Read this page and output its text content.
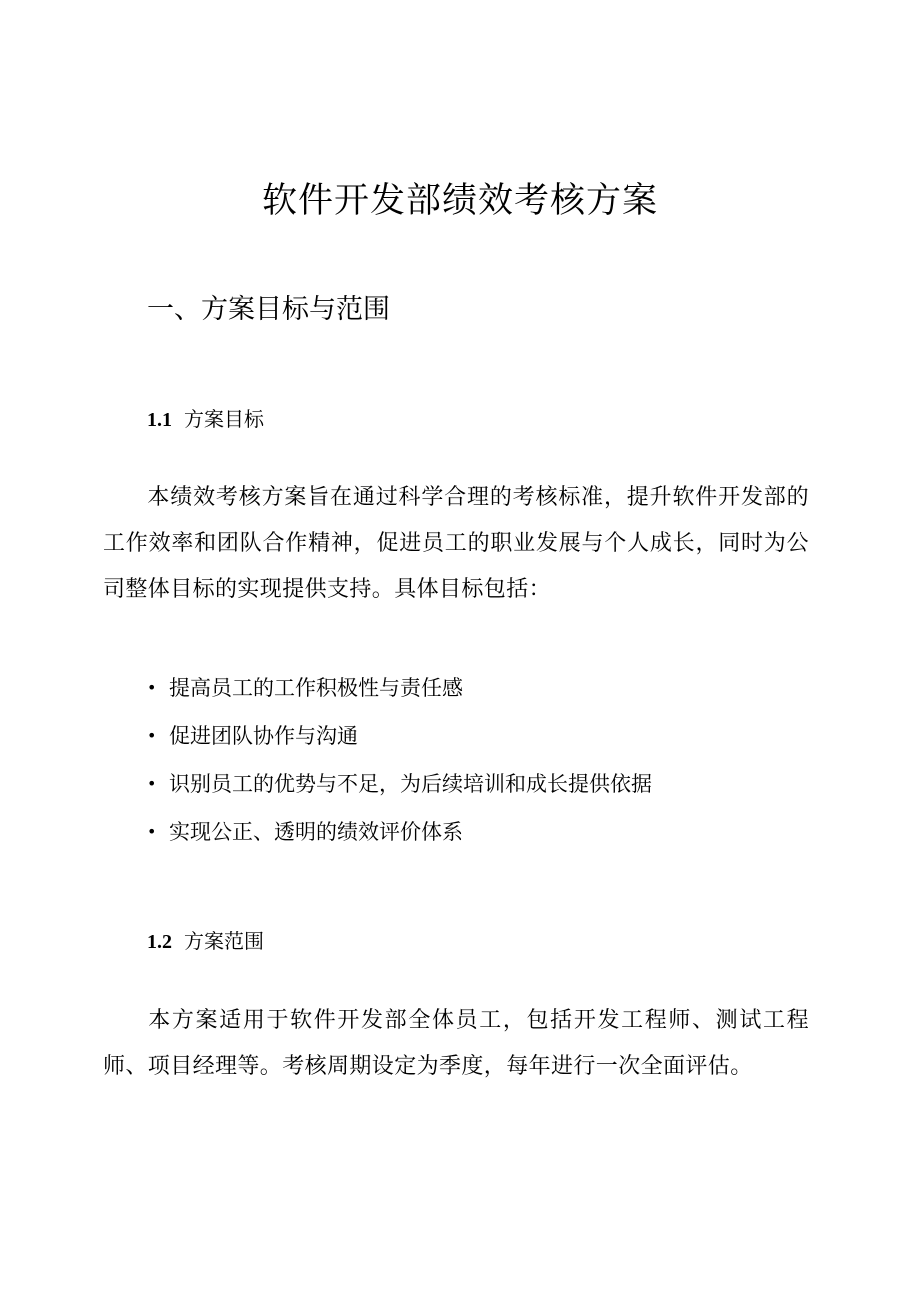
软件开发部绩效考核方案
一、方案目标与范围
1.1 方案目标

本绩效考核方案旨在通过科学合理的考核标准，提升软件开发部的工作效率和团队合作精神，促进员工的职业发展与个人成长，同时为公司整体目标的实现提供支持。具体目标包括：

• 提高员工的工作积极性与责任感
• 促进团队协作与沟通
• 识别员工的优势与不足，为后续培训和成长提供依据
• 实现公正、透明的绩效评价体系
1.2 方案范围

本方案适用于软件开发部全体员工，包括开发工程师、测试工程师、项目经理等。考核周期设定为季度，每年进行一次全面评估。
